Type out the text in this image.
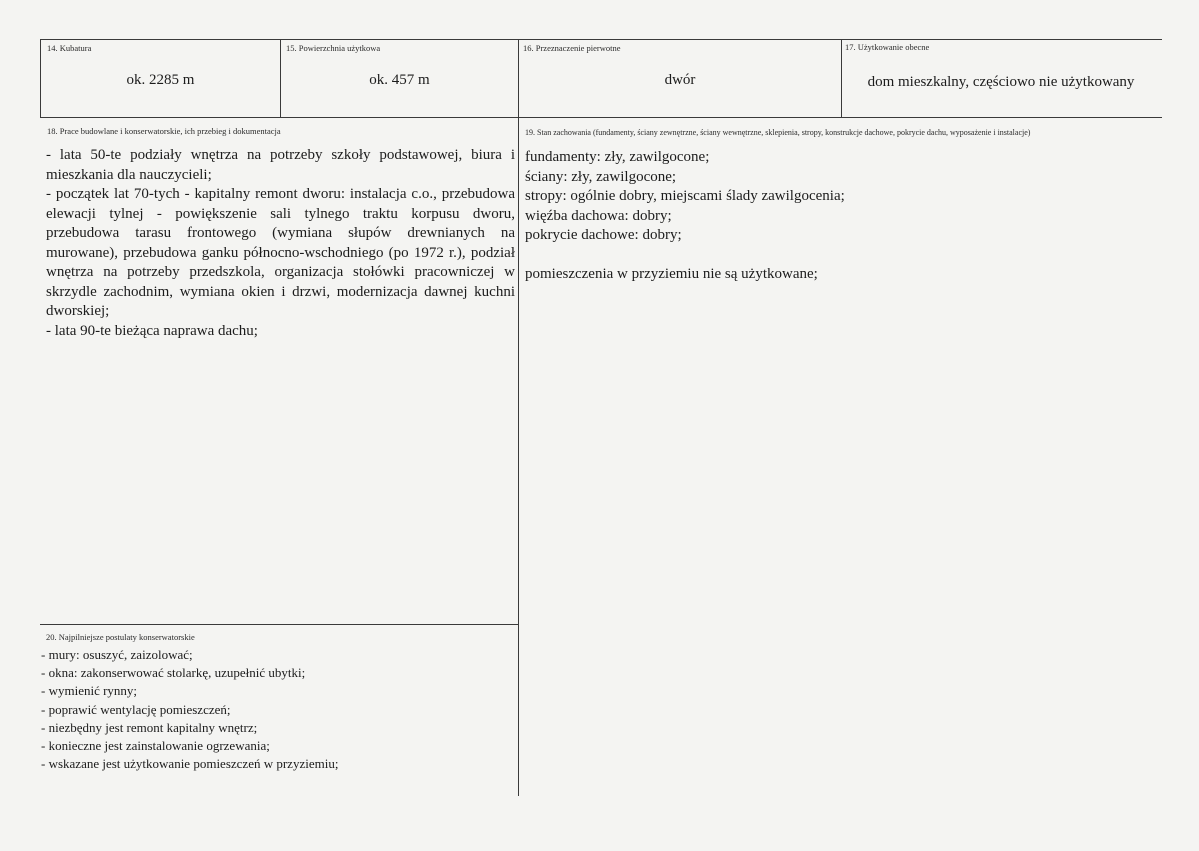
14. Kubatura
ok. 2285 m
15. Powierzchnia użytkowa
ok. 457 m
16. Przeznaczenie pierwotne
dwór
17. Użytkowanie obecne
dom mieszkalny, częściowo nie użytkowany
18. Prace budowlane i konserwatorskie, ich przebieg i dokumentacja
- lata 50-te podziały wnętrza na potrzeby szkoły podstawowej, biura i mieszkania dla nauczycieli;
- początek lat 70-tych - kapitalny remont dworu: instalacja c.o., przebudowa elewacji tylnej - powiększenie sali tylnego traktu korpusu dworu, przebudowa tarasu frontowego (wymiana słupów drewnianych na murowane), przebudowa ganku północno-wschodniego (po 1972 r.), podział wnętrza na potrzeby przedszkola, organizacja stołówki pracowniczej w skrzydle zachodnim, wymiana okien i drzwi, modernizacja dawnej kuchni dworskiej;
- lata 90-te bieżąca naprawa dachu;
19. Stan zachowania (fundamenty, ściany zewnętrzne, ściany wewnętrzne, sklepienia, stropy, konstrukcje dachowe, pokrycie dachu, wyposażenie i instalacje)
fundamenty: zły, zawilgocone;
ściany: zły, zawilgocone;
stropy: ogólnie dobry, miejscami ślady zawilgocenia;
więźba dachowa: dobry;
pokrycie dachowe: dobry;
pomieszczenia w przyziemiu nie są użytkowane;
20. Najpilniejsze postulaty konserwatorskie
- mury: osuszyć, zaizolować;
- okna: zakonserwować stolarkę, uzupełnić ubytki;
- wymienić rynny;
- poprawić wentylację pomieszczeń;
- niezbędny jest remont kapitalny wnętrz;
- konieczne jest zainstalowanie ogrzewania;
- wskazane jest użytkowanie pomieszczeń w przyziemiu;
